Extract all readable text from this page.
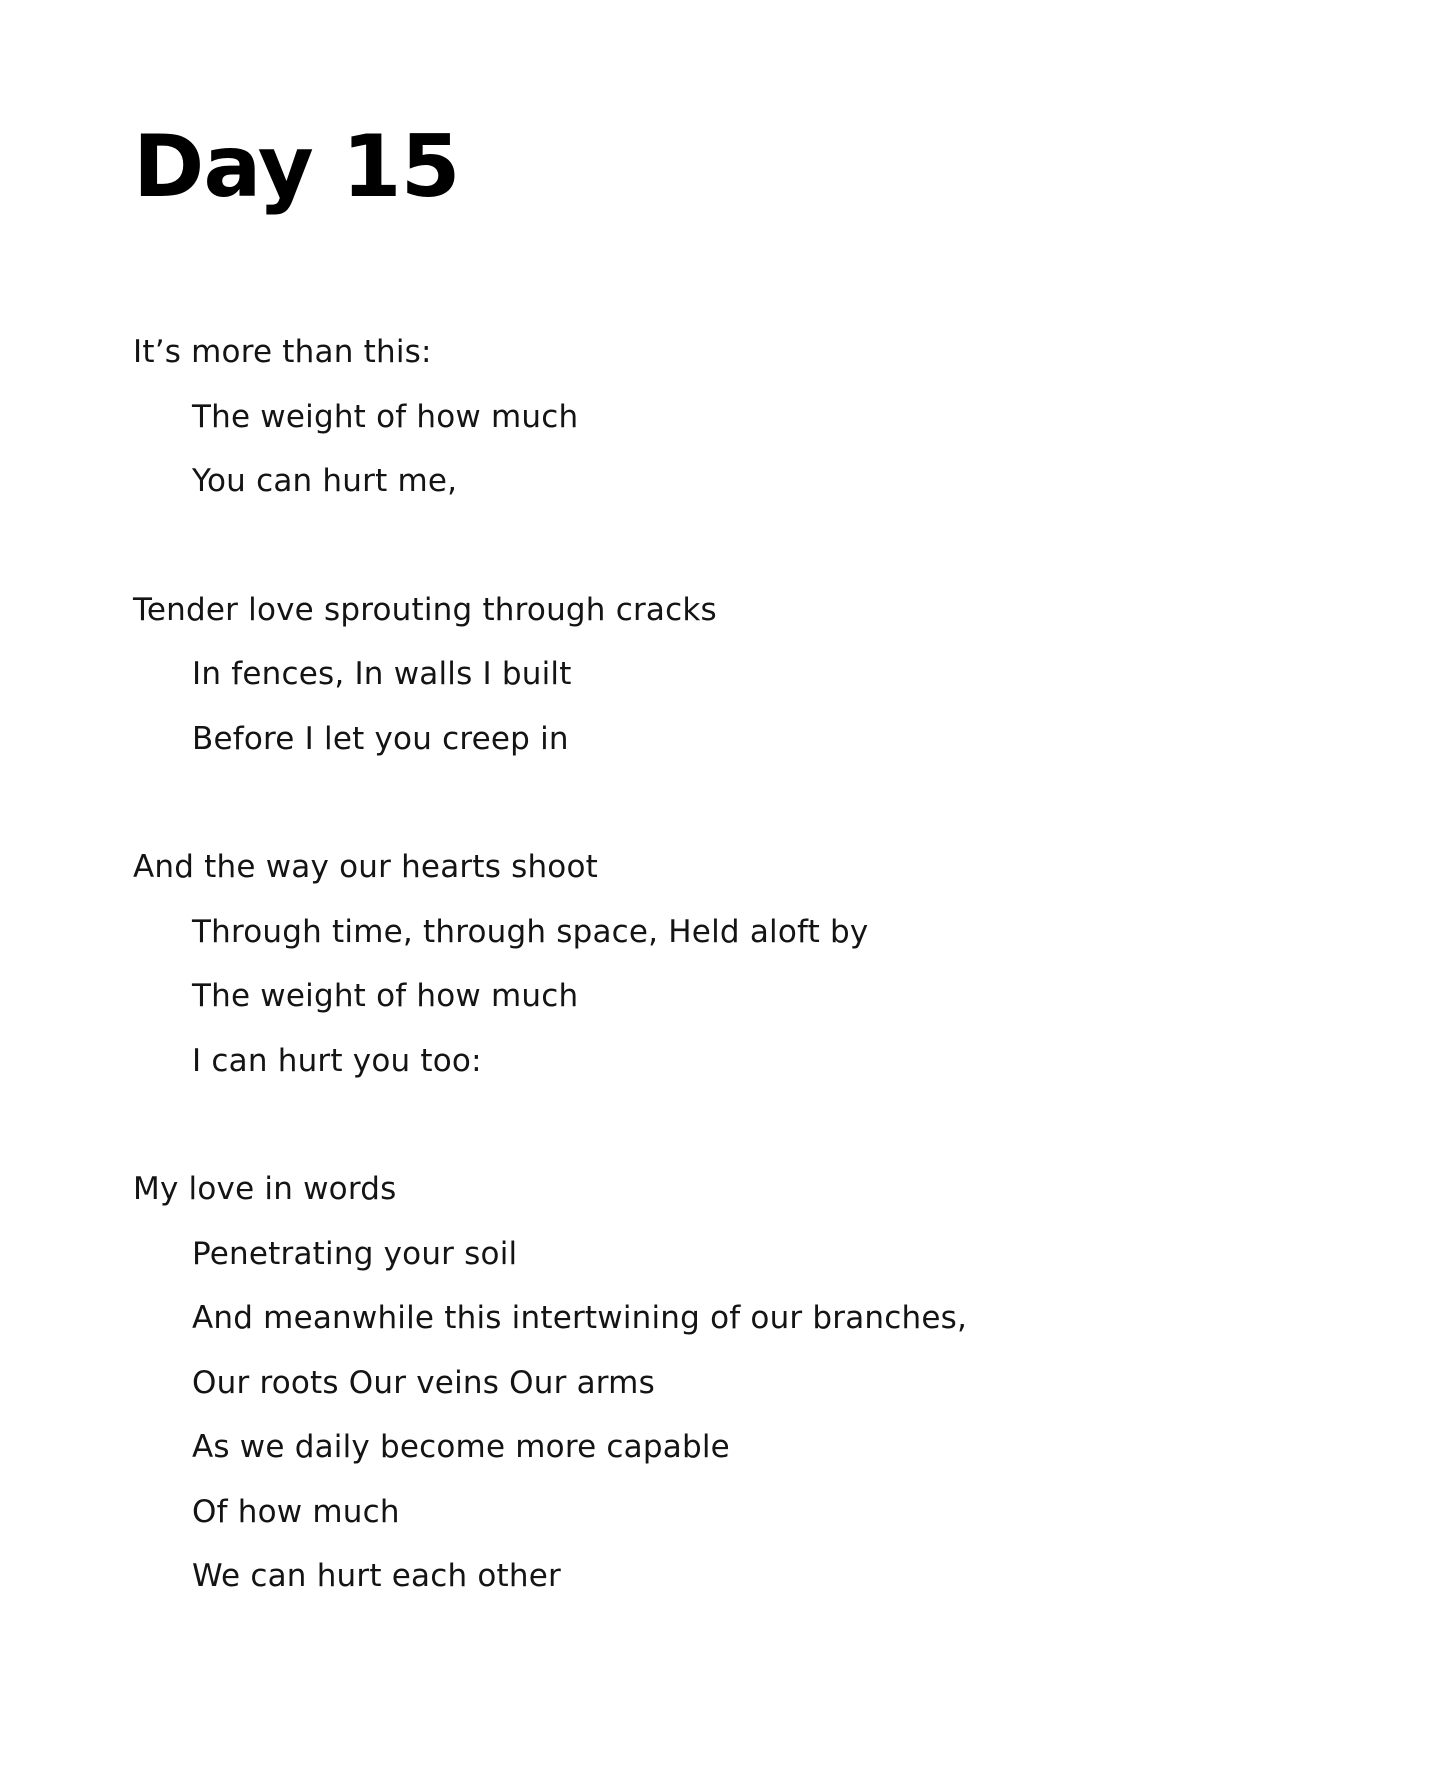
Day 15
It’s more than this:
The weight of how much
You can hurt me,
Tender love sprouting through cracks
In fences, In walls I built
Before I let you creep in
And the way our hearts shoot
Through time, through space, Held aloft by
The weight of how much
I can hurt you too:
My love in words
Penetrating your soil
And meanwhile this intertwining of our branches,
Our roots Our veins Our arms
As we daily become more capable
Of how much
We can hurt each other
